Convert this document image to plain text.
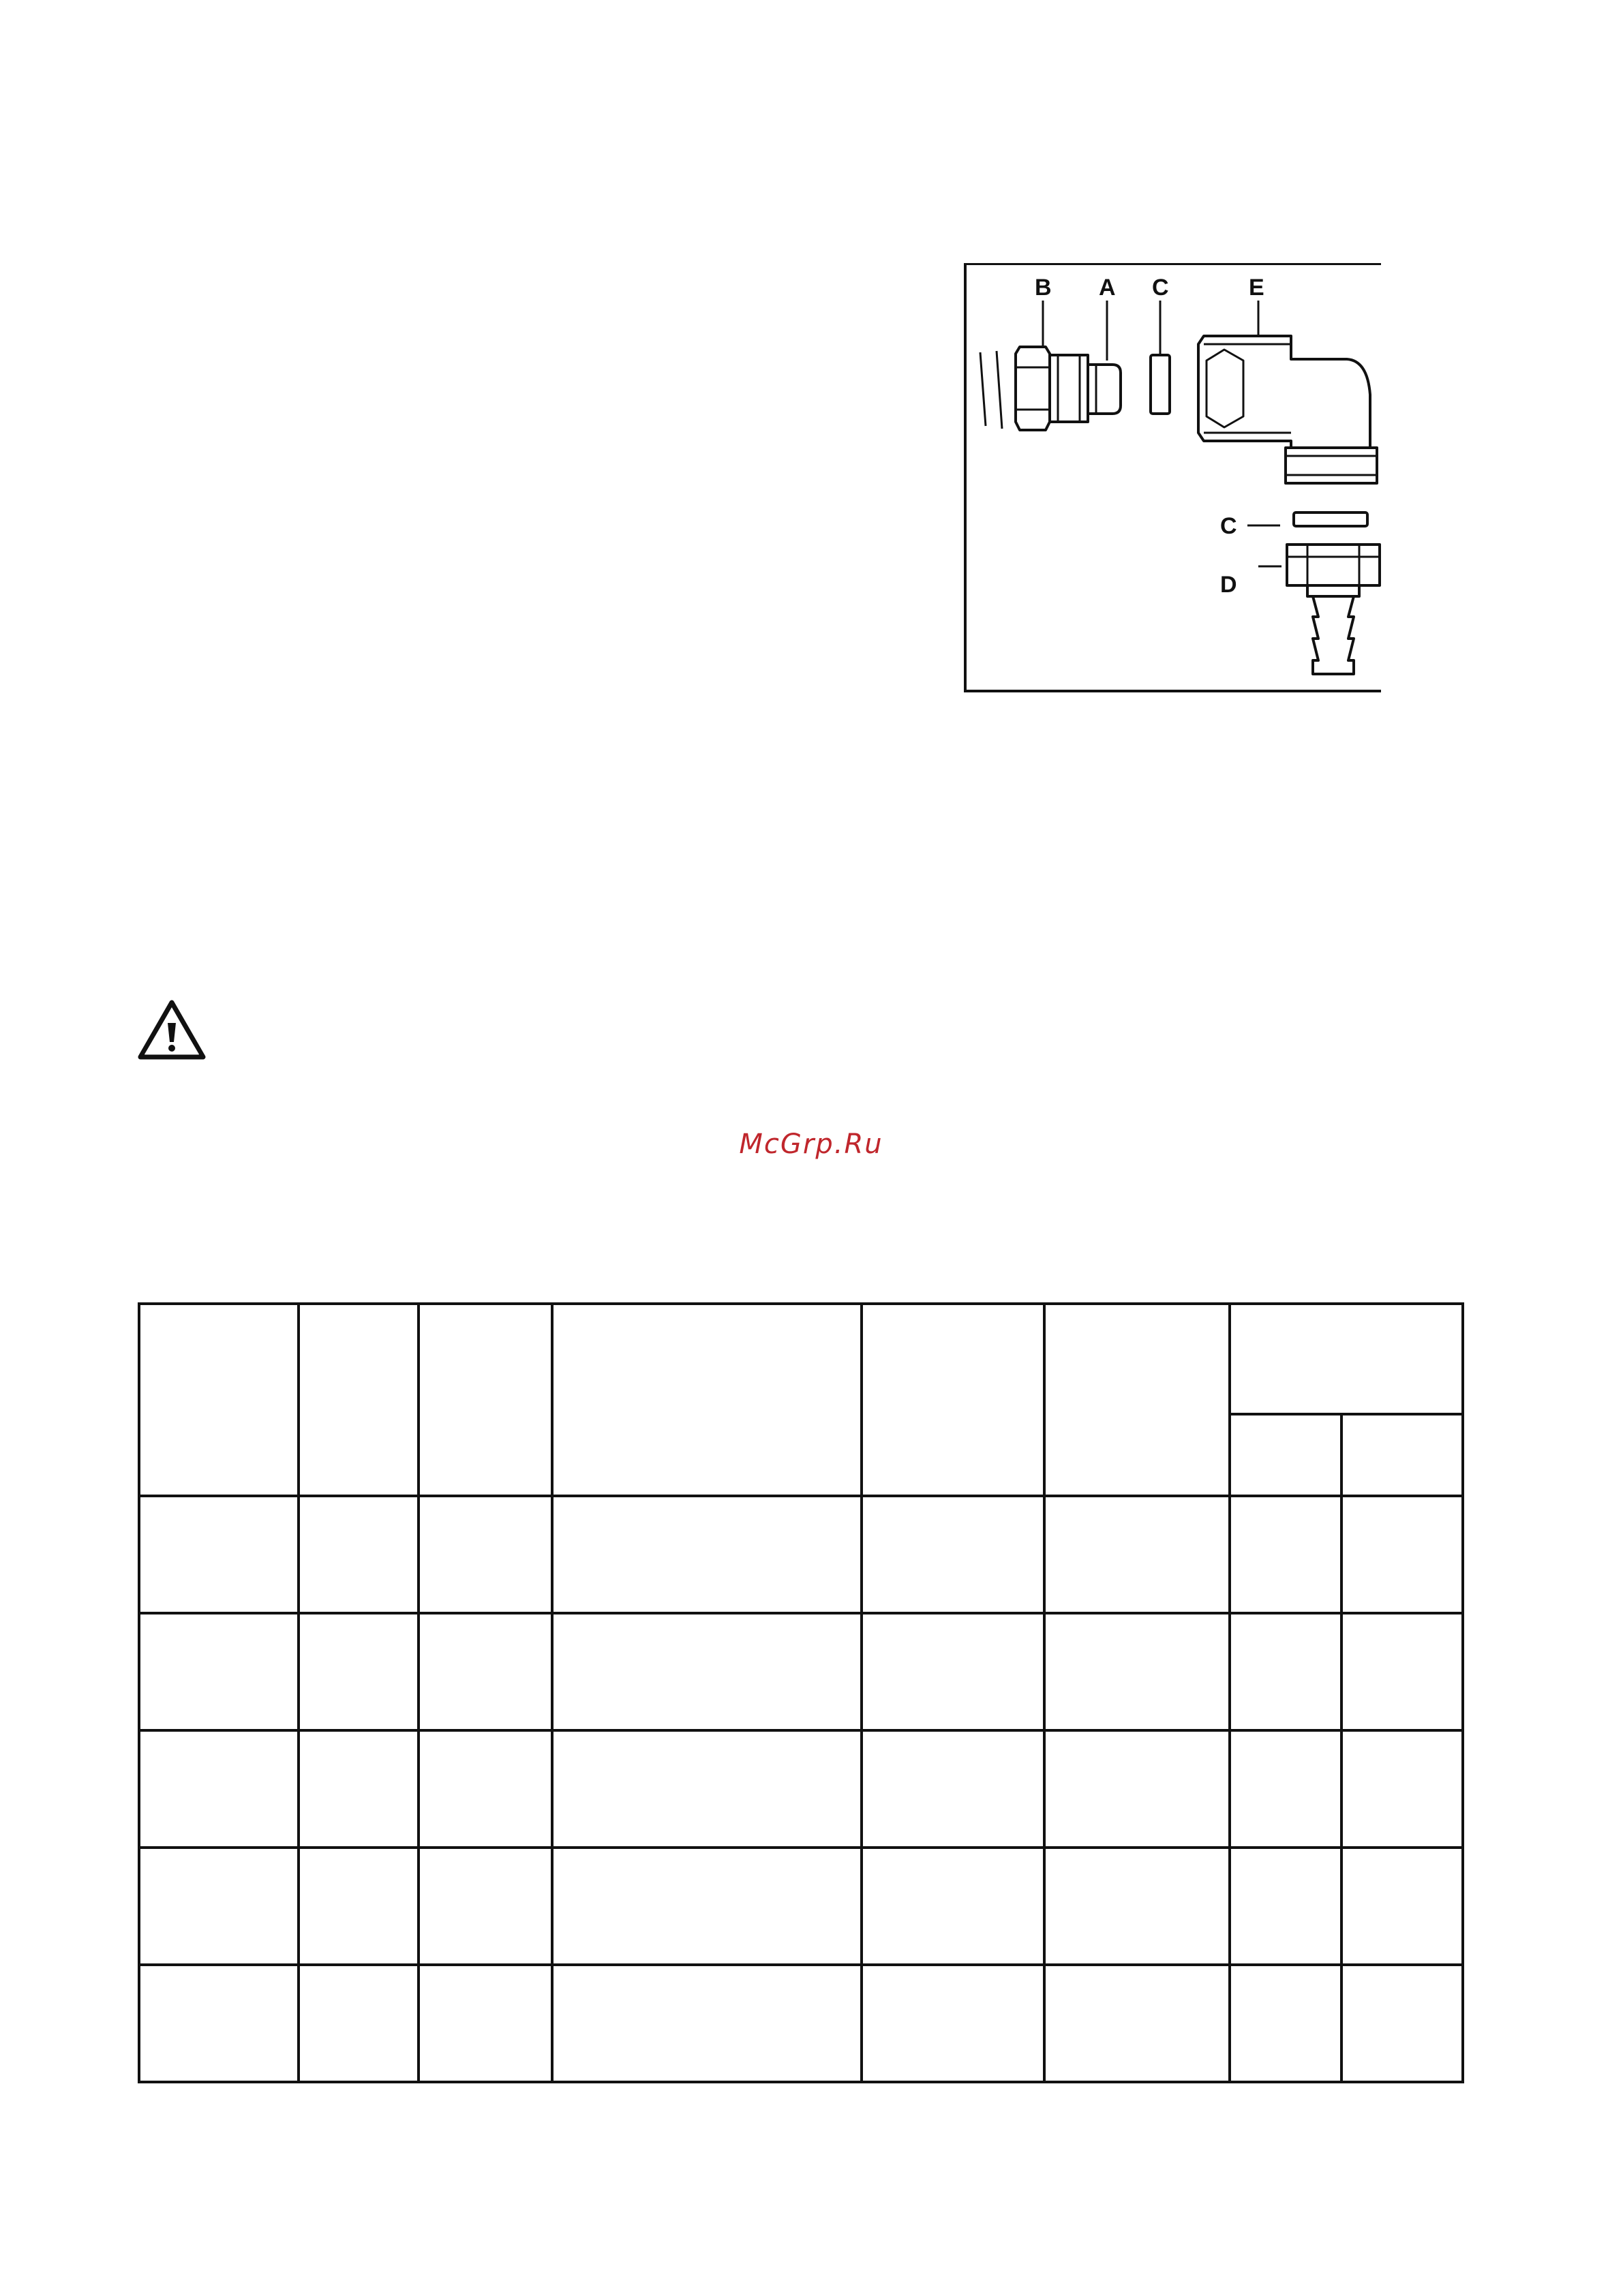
B A C	E
C
D
McGrp.Ru
